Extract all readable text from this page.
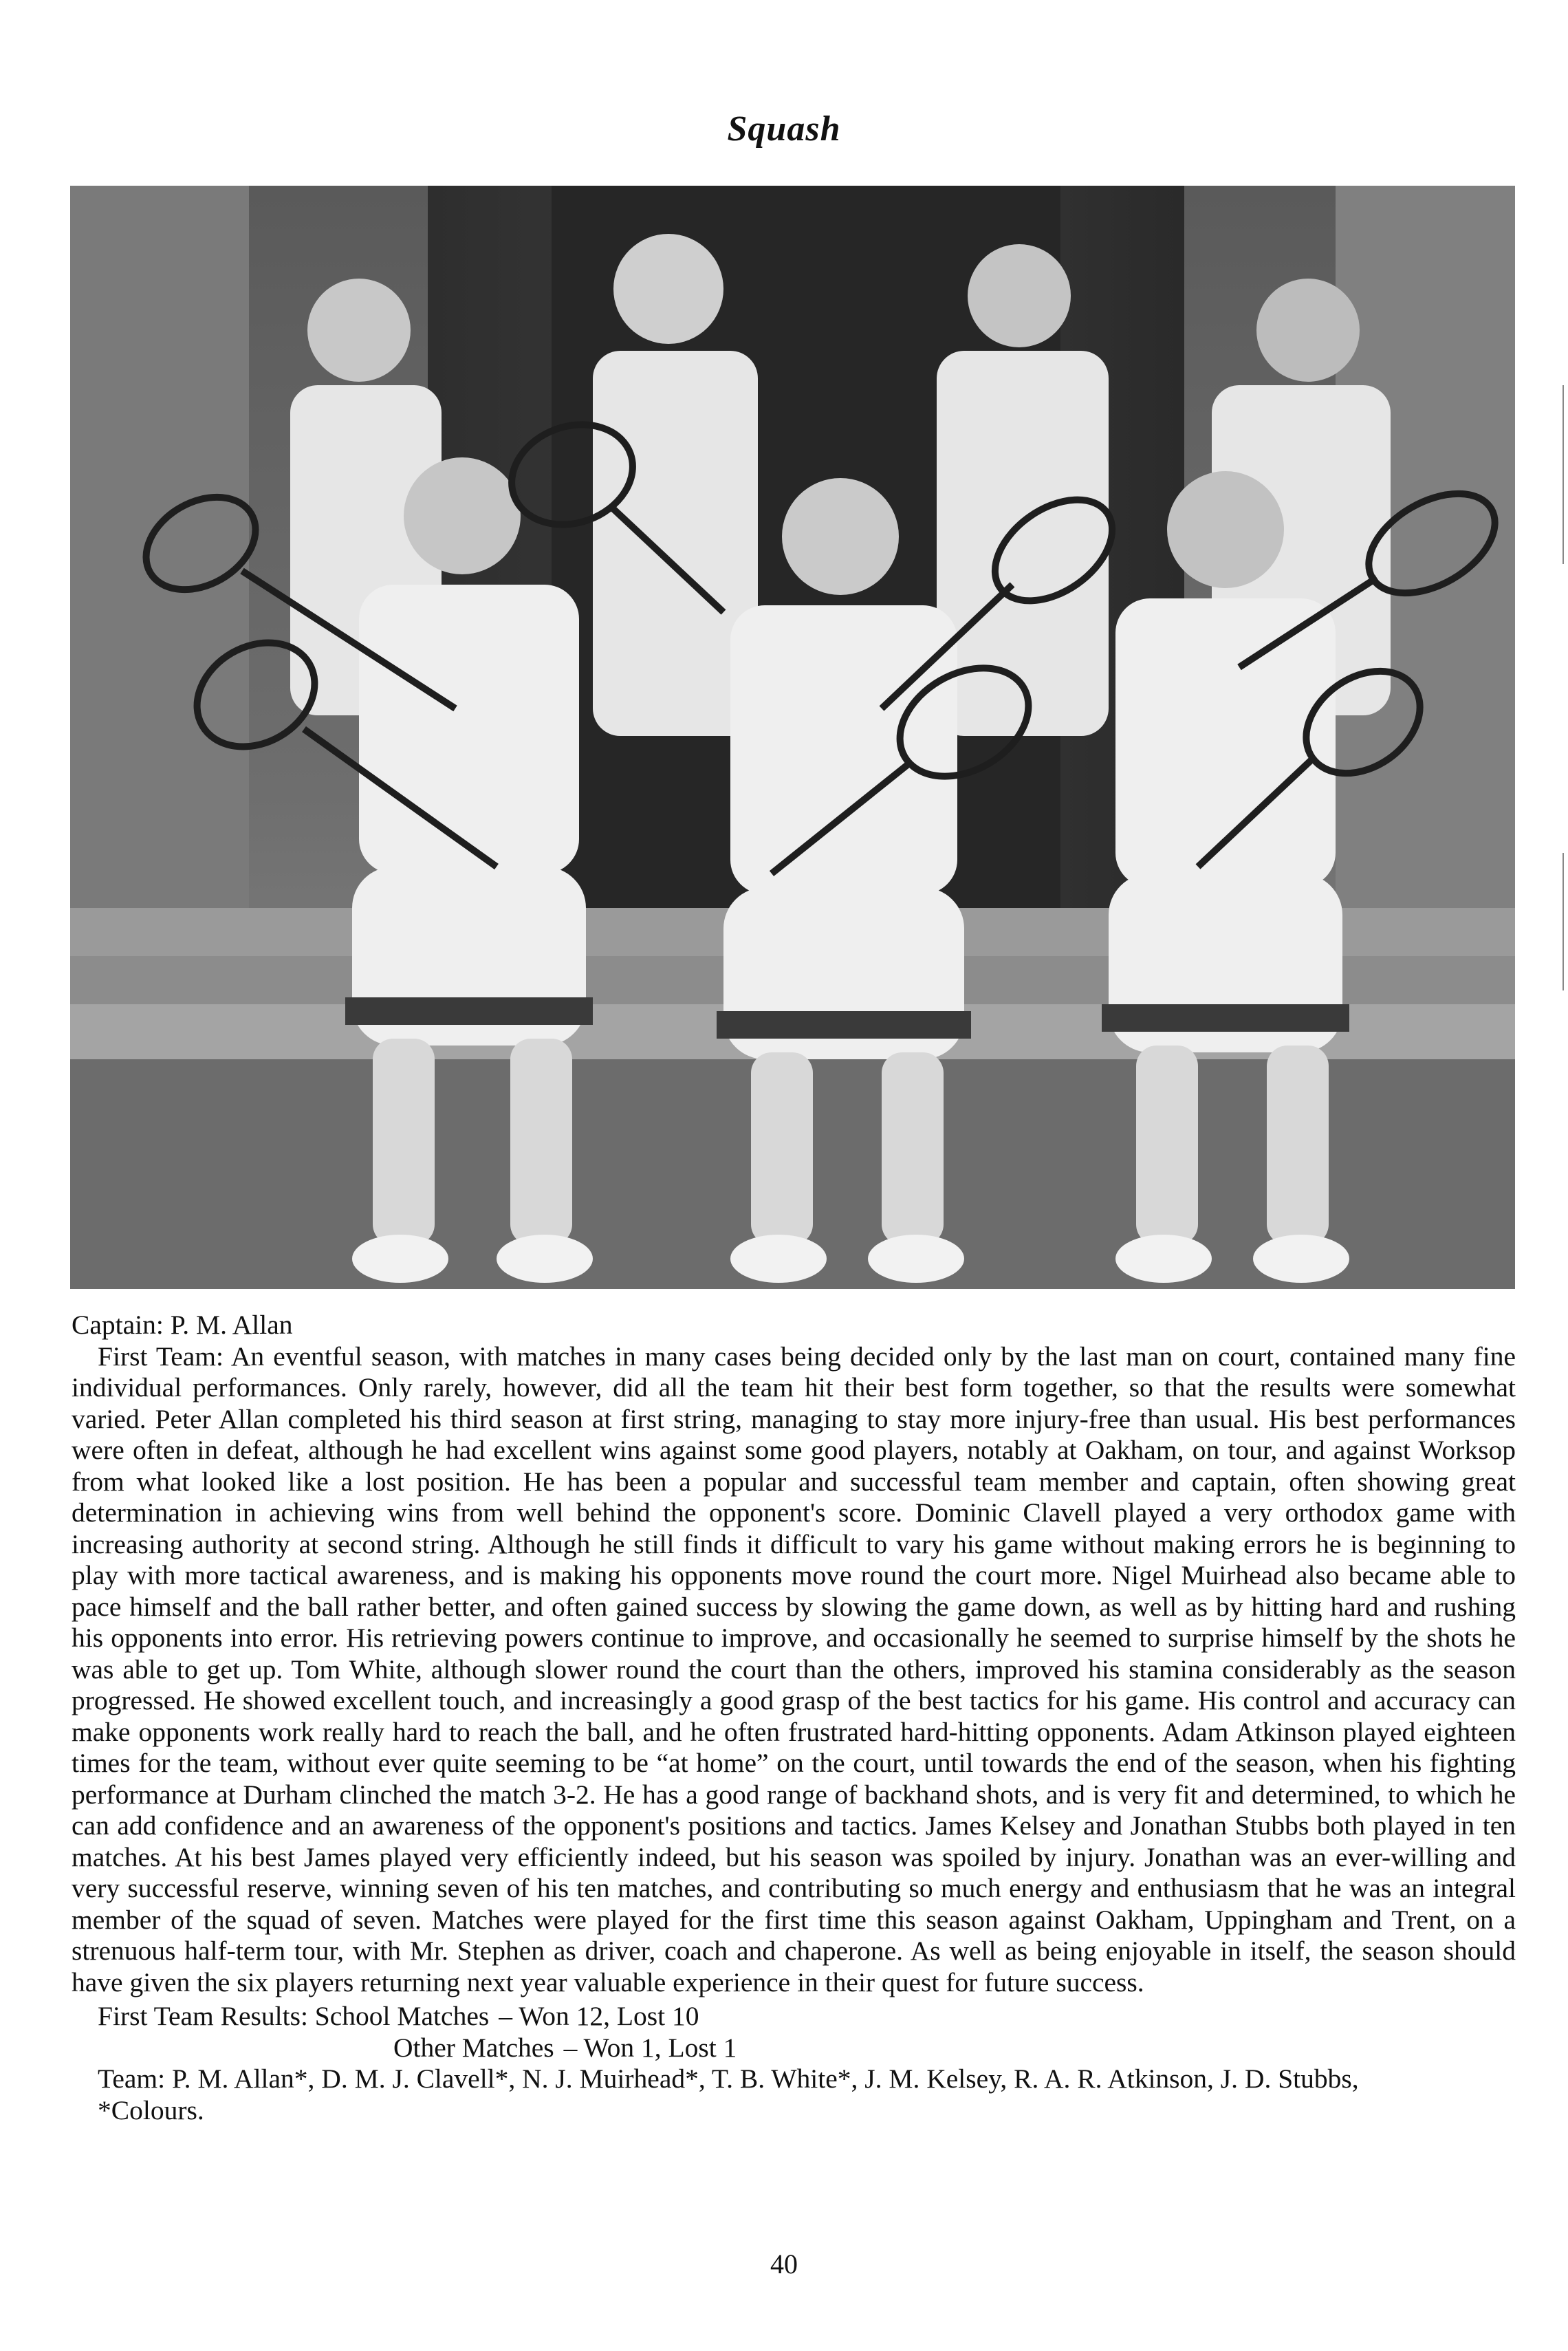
Squash

Captain: P. M. Allan

First Team: An eventful season, with matches in many cases being decided only by the last man on court, contained many fine individual performances. Only rarely, however, did all the team hit their best form together, so that the results were somewhat varied. Peter Allan completed his third season at first string, managing to stay more injury-free than usual. His best performances were often in defeat, although he had excellent wins against some good players, notably at Oakham, on tour, and against Worksop from what looked like a lost position. He has been a popular and successful team member and captain, often showing great determination in achieving wins from well behind the opponent's score. Dominic Clavell played a very orthodox game with increasing authority at second string. Although he still finds it difficult to vary his game without making errors he is beginning to play with more tactical awareness, and is making his opponents move round the court more. Nigel Muirhead also became able to pace himself and the ball rather better, and often gained success by slowing the game down, as well as by hitting hard and rushing his opponents into error. His retrieving powers continue to improve, and occasionally he seemed to surprise himself by the shots he was able to get up. Tom White, although slower round the court than the others, improved his stamina considerably as the season progressed. He showed excellent touch, and increasingly a good grasp of the best tactics for his game. His control and accuracy can make opponents work really hard to reach the ball, and he often frustrated hard-hitting opponents. Adam Atkinson played eighteen times for the team, without ever quite seeming to be “at home” on the court, until towards the end of the season, when his fighting performance at Durham clinched the match 3-2. He has a good range of backhand shots, and is very fit and determined, to which he can add confidence and an awareness of the opponent's positions and tactics. James Kelsey and Jonathan Stubbs both played in ten matches. At his best James played very efficiently indeed, but his season was spoiled by injury. Jonathan was an ever-willing and very successful reserve, winning seven of his ten matches, and contributing so much energy and enthusiasm that he was an integral member of the squad of seven. Matches were played for the first time this season against Oakham, Uppingham and Trent, on a strenuous half-term tour, with Mr. Stephen as driver, coach and chaperone. As well as being enjoyable in itself, the season should have given the six players returning next year valuable experience in their quest for future success.

First Team Results: School Matches – Won 12, Lost 10
Other Matches – Won 1, Lost 1

Team: P. M. Allan*, D. M. J. Clavell*, N. J. Muirhead*, T. B. White*, J. M. Kelsey, R. A. R. Atkinson, J. D. Stubbs,

*Colours.

40
